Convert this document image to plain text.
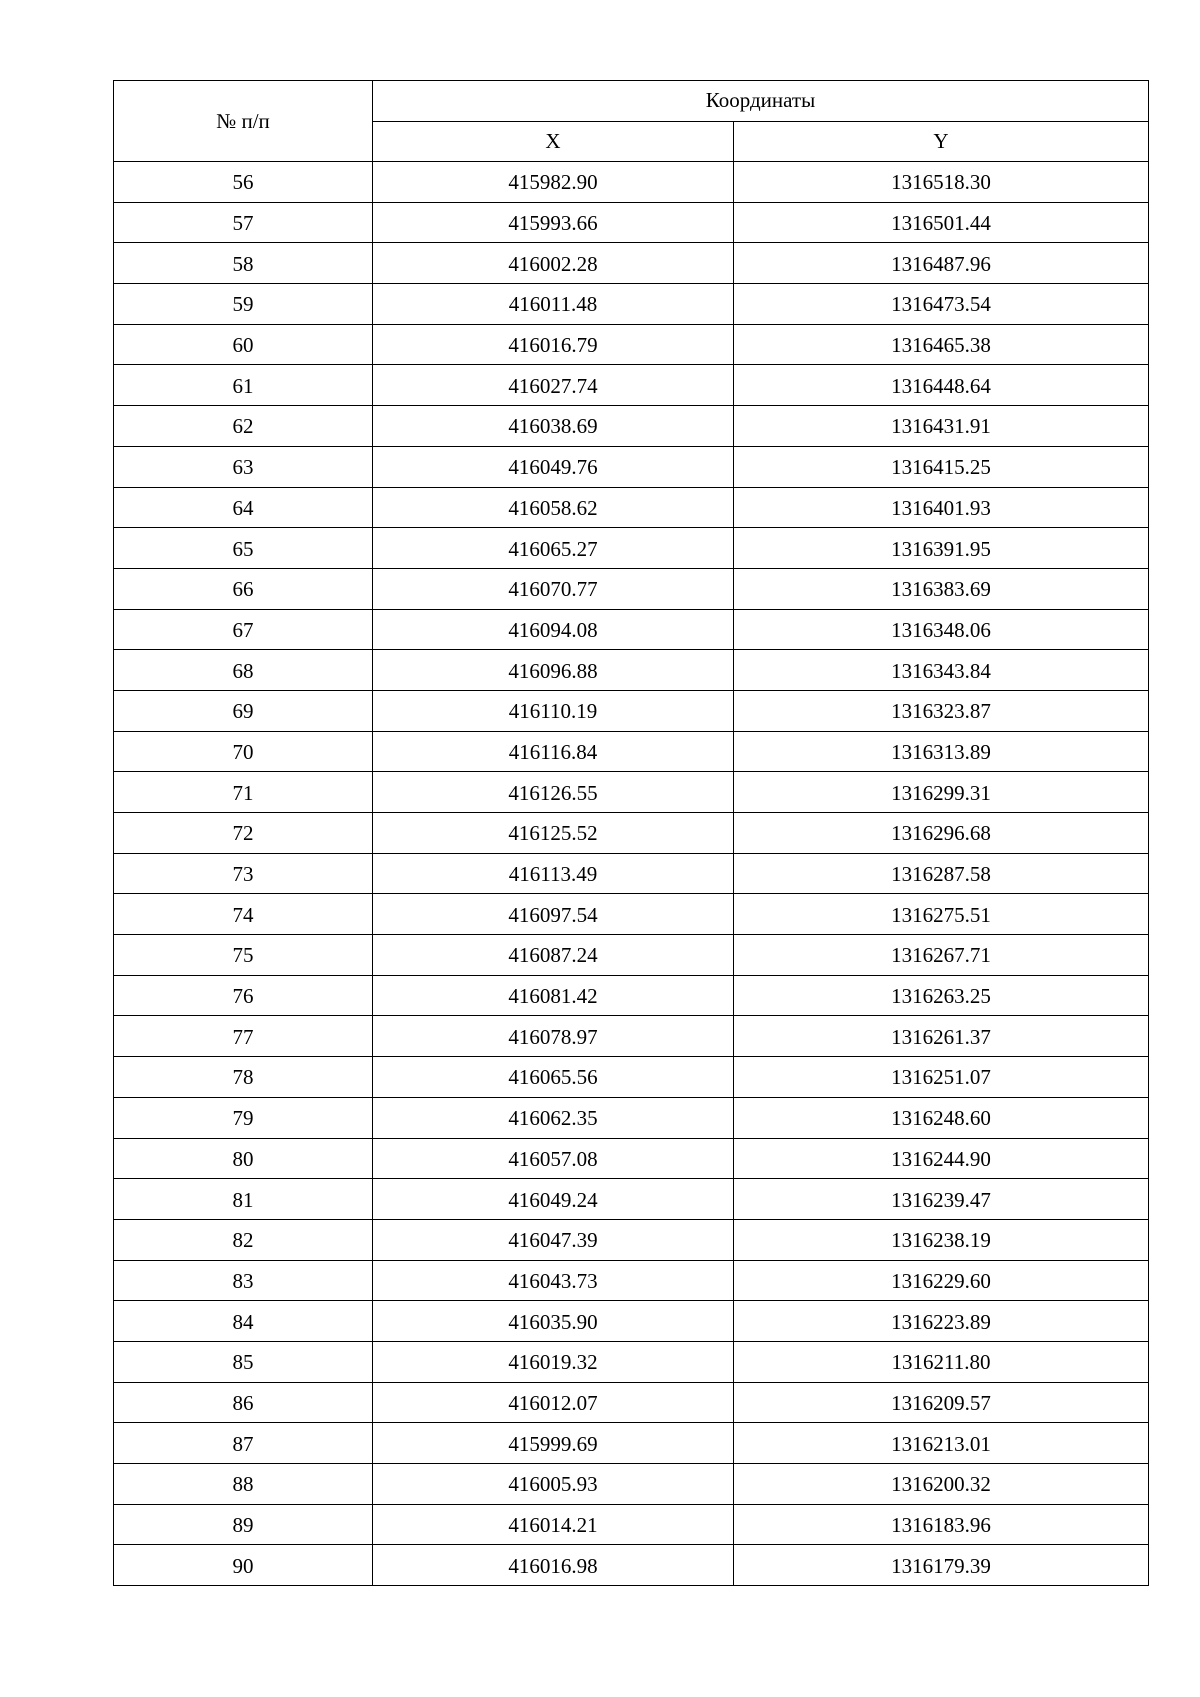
№ п/п	Координаты	
	X	Y
56	415982.90	1316518.30
57	415993.66	1316501.44
58	416002.28	1316487.96
59	416011.48	1316473.54
60	416016.79	1316465.38
61	416027.74	1316448.64
62	416038.69	1316431.91
63	416049.76	1316415.25
64	416058.62	1316401.93
65	416065.27	1316391.95
66	416070.77	1316383.69
67	416094.08	1316348.06
68	416096.88	1316343.84
69	416110.19	1316323.87
70	416116.84	1316313.89
71	416126.55	1316299.31
72	416125.52	1316296.68
73	416113.49	1316287.58
74	416097.54	1316275.51
75	416087.24	1316267.71
76	416081.42	1316263.25
77	416078.97	1316261.37
78	416065.56	1316251.07
79	416062.35	1316248.60
80	416057.08	1316244.90
81	416049.24	1316239.47
82	416047.39	1316238.19
83	416043.73	1316229.60
84	416035.90	1316223.89
85	416019.32	1316211.80
86	416012.07	1316209.57
87	415999.69	1316213.01
88	416005.93	1316200.32
89	416014.21	1316183.96
90	416016.98	1316179.39
